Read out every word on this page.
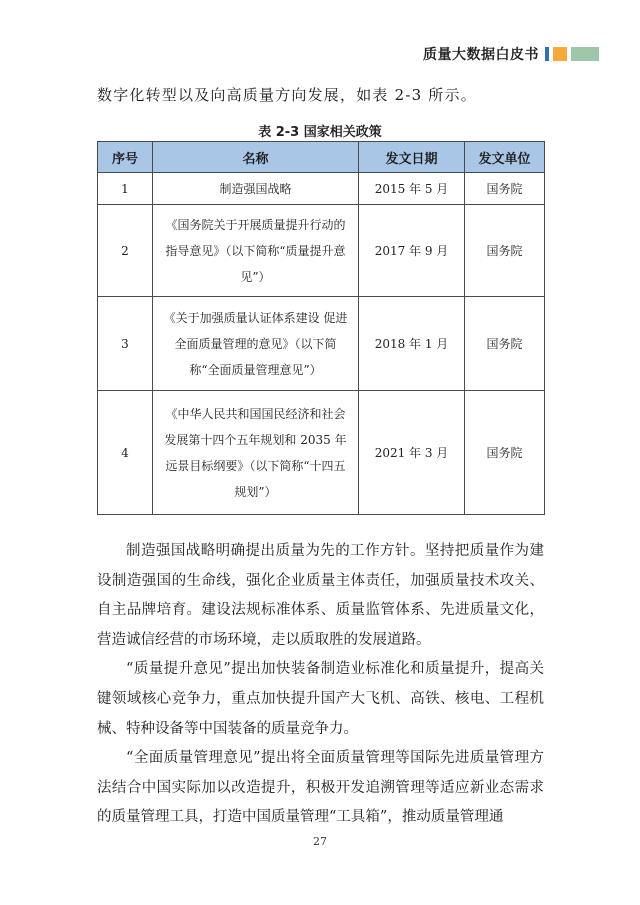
质量大数据白皮书
数字化转型以及向高质量方向发展，如表 2-3 所示。
表 2-3 国家相关政策
序号	名称	发文日期	发文单位
1	制造强国战略	2015 年 5 月	国务院
2	《国务院关于开展质量提升行动的指导意见》（以下简称“质量提升意见”）	2017 年 9 月	国务院
3	《关于加强质量认证体系建设 促进全面质量管理的意见》（以下简称“全面质量管理意见”）	2018 年 1 月	国务院
4	《中华人民共和国国民经济和社会发展第十四个五年规划和 2035 年远景目标纲要》（以下简称“十四五规划”）	2021 年 3 月	国务院

制造强国战略明确提出质量为先的工作方针。坚持把质量作为建设制造强国的生命线，强化企业质量主体责任，加强质量技术攻关、自主品牌培育。建设法规标准体系、质量监管体系、先进质量文化，营造诚信经营的市场环境，走以质取胜的发展道路。

“质量提升意见”提出加快装备制造业标准化和质量提升，提高关键领域核心竞争力，重点加快提升国产大飞机、高铁、核电、工程机械、特种设备等中国装备的质量竞争力。

“全面质量管理意见”提出将全面质量管理等国际先进质量管理方法结合中国实际加以改造提升，积极开发追溯管理等适应新业态需求的质量管理工具，打造中国质量管理“工具箱”，推动质量管理通

27
